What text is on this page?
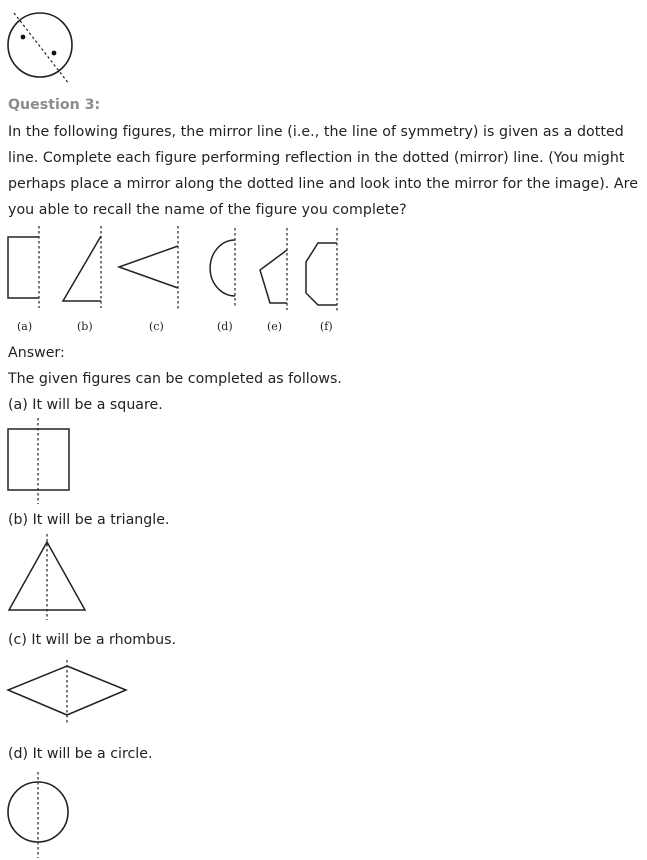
Question 3:
In the following figures, the mirror line (i.e., the line of symmetry) is given as a dotted
line. Complete each figure performing reflection in the dotted (mirror) line. (You might
perhaps place a mirror along the dotted line and look into the mirror for the image). Are
you able to recall the name of the figure you complete?
(a)	(b)	(c)	(d)	(e)	(f)
Answer:
The given figures can be completed as follows.
(a) It will be a square.
(b) It will be a triangle.
(c) It will be a rhombus.
(d) It will be a circle.
